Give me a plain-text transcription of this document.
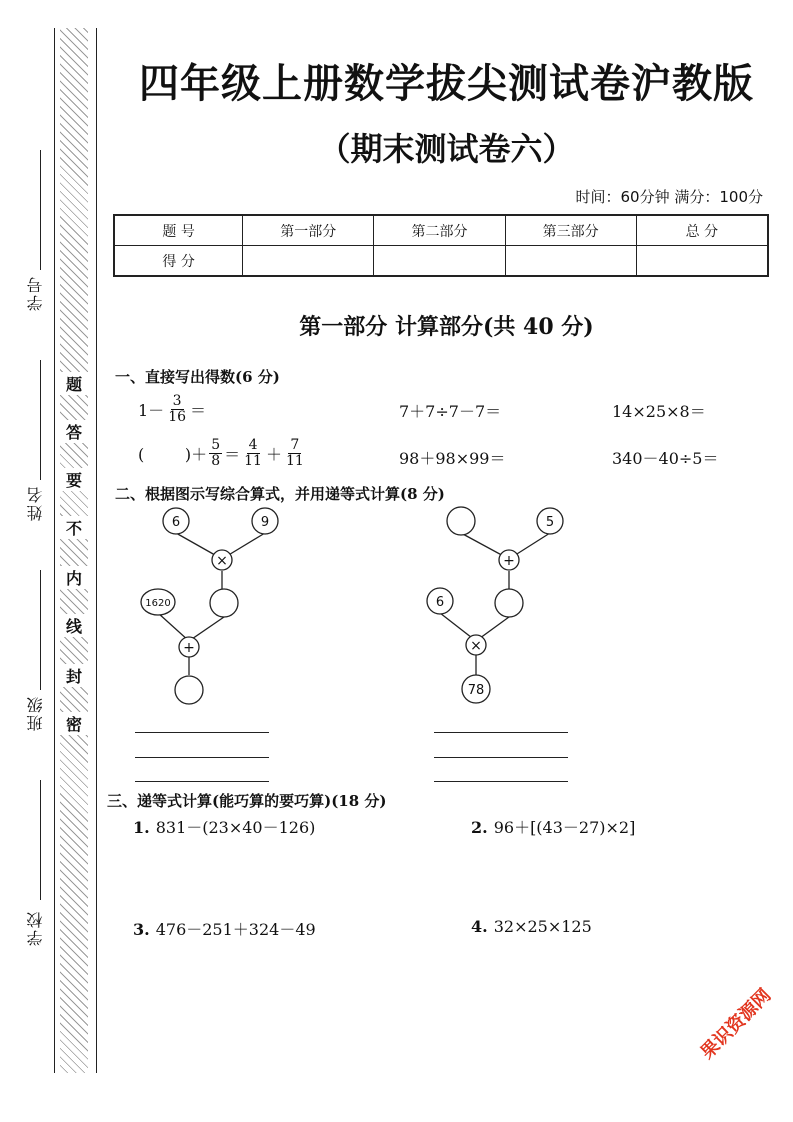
题
答
要
不
内
线
封
密
学号
姓名
班级
学校
四年级上册数学拔尖测试卷沪教版
（期末测试卷六）
时间：60分钟 满分：100分
题 号	第一部分	第二部分	第三部分	总 分
得 分				
第一部分 计算部分(共 40 分)
一、直接写出得数(6 分)
$1- \frac{3}{16}$ ＝	7＋7÷7－7＝	14×25×8＝
(        )＋ $\frac{5}{8} = \frac{4}{11} + \frac{7}{11}$	98＋98×99＝	340－40÷5＝
二、根据图示写综合算式，并用递等式计算(8 分)
6	9
×
1620
+
5
+
6
×
78
三、递等式计算(能巧算的要巧算)(18 分)
1. 831－(23×40－126)	2. 96＋[(43－27)×2]
3. 476－251＋324－49	4. 32×25×125
果识资源网
